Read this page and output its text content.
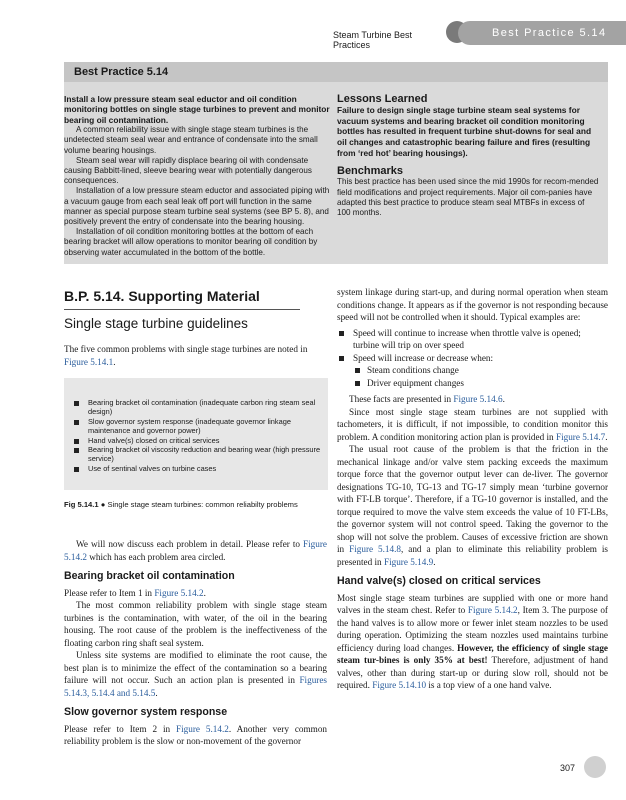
Steam Turbine Best Practices
Best Practice 5.14
Best Practice 5.14
Install a low pressure steam seal eductor and oil condition monitoring bottles on single stage turbines to prevent and monitor bearing oil contamination.

A common reliability issue with single stage steam turbines is the undetected steam seal wear and entrance of condensate into the small volume bearing housings.

Steam seal wear will rapidly displace bearing oil with condensate causing Babbitt-lined, sleeve bearing wear with potentially dangerous consequences.

Installation of a low pressure steam eductor and associated piping with a vacuum gauge from each seal leak off port will function in the same manner as special purpose steam turbine seal systems (see BP 5. 8), and positively prevent the entry of condensate into the bearing housing.

Installation of oil condition monitoring bottles at the bottom of each bearing bracket will allow operations to monitor bearing oil condition by observing water accumulated in the bottom of the bottle.

Lessons Learned

Failure to design single stage turbine steam seal systems for vacuum systems and bearing bracket oil condition monitoring bottles has resulted in frequent turbine shut-downs for seal and oil changes and catastrophic bearing failure and fires (resulting from ‘red hot’ bearing housings).

Benchmarks

This best practice has been used since the mid 1990s for recom-mended field modifications and project requirements. Major oil com-panies have adapted this best practice to produce steam seal MTBFs in excess of 100 months.

B.P. 5.14. Supporting Material
Single stage turbine guidelines

The five common problems with single stage turbines are noted in Figure 5.14.1.

Bearing bracket oil contamination (inadequate carbon ring steam seal design)
Slow governor system response (inadequate governor linkage maintenance and governor power)
Hand valve(s) closed on critical services
Bearing bracket oil viscosity reduction and bearing wear (high pressure service)
Use of sentinal valves on turbine cases
Fig 5.14.1 ● Single stage steam turbines: common reliabilty problems

We will now discuss each problem in detail. Please refer to Figure 5.14.2 which has each problem area circled.

Bearing bracket oil contamination

Please refer to Item 1 in Figure 5.14.2.

The most common reliability problem with single stage steam turbines is the contamination, with water, of the oil in the bearing housing. The root cause of the problem is the ineffectiveness of the floating carbon ring shaft seal system.

Unless site systems are modified to eliminate the root cause, the best plan is to minimize the effect of the contamination so a bearing failure will not occur. Such an action plan is presented in Figures 5.14.3, 5.14.4 and 5.14.5.

Slow governor system response

Please refer to Item 2 in Figure 5.14.2. Another very common reliability problem is the slow or non-movement of the governor

system linkage during start-up, and during normal operation when steam conditions change. It appears as if the governor is not responding because speed will not be controlled when it should. Typical examples are:

Speed will continue to increase when throttle valve is opened; turbine will trip on over speed
Speed will increase or decrease when:
Steam conditions change
Driver equipment changes

These facts are presented in Figure 5.14.6.

Since most single stage steam turbines are not supplied with tachometers, it is difficult, if not impossible, to condition monitor this problem. A condition monitoring action plan is provided in Figure 5.14.7.

The usual root cause of the problem is that the friction in the mechanical linkage and/or valve stem packing exceeds the maximum torque force that the governor output lever can de-liver. The governor designations TG-10, TG-13 and TG-17 simply mean ‘turbine governor with FT-LB torque’. Therefore, if a TG-10 governor is installed, and the torque required to move the valve stem exceeds the value of 10 FT-LBs, the governor system will not control speed. Taking the governor to the shop will not solve the problem. Causes of excessive friction are shown in Figure 5.14.8, and a plan to eliminate this reliability problem is presented in Figure 5.14.9.

Hand valve(s) closed on critical services

Most single stage steam turbines are supplied with one or more hand valves in the steam chest. Refer to Figure 5.14.2, Item 3. The purpose of the hand valves is to allow more or fewer inlet steam nozzles to be used during operation. Optimizing the steam nozzles used maintains turbine efficiency during load changes. However, the efficiency of single stage steam tur-bines is only 35% at best! Therefore, adjustment of hand valves, other than during start-up or during slow roll, should not be required. Figure 5.14.10 is a top view of a one hand valve.

307
